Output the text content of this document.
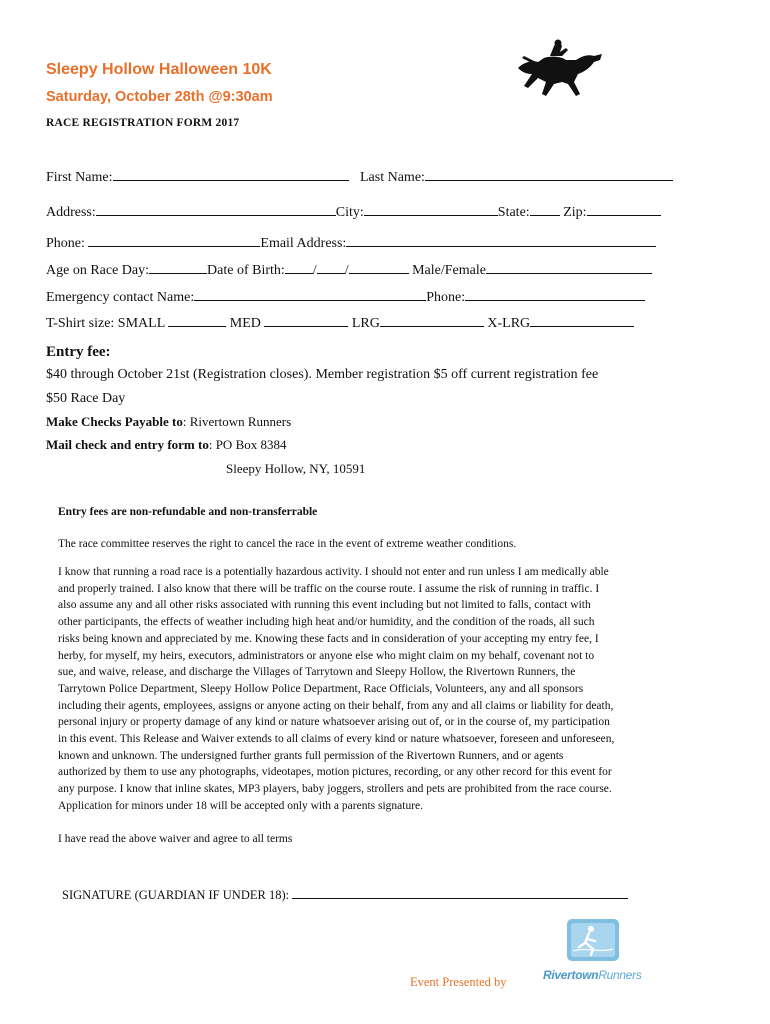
Sleepy Hollow Halloween 10K
Saturday, October 28th @9:30am
RACE REGISTRATION FORM 2017
First Name:	Last Name:
Address:	City:	State: Zip:
Phone:	Email Address:
Age on Race Day:	Date of Birth: / /	Male/Female
Emergency contact Name:	Phone:
T-Shirt size: SMALL	MED	LRG	X-LRG
Entry fee:
$40 through October 21st (Registration closes). Member registration $5 off current registration fee
$50 Race Day
Make Checks Payable to: Rivertown Runners
Mail check and entry form to: PO Box 8384
Sleepy Hollow, NY, 10591
Entry fees are non-refundable and non-transferrable
The race committee reserves the right to cancel the race in the event of extreme weather conditions.
I know that running a road race is a potentially hazardous activity. I should not enter and run unless I am medically able
and properly trained. I also know that there will be traffic on the course route. I assume the risk of running in traffic. I
also assume any and all other risks associated with running this event including but not limited to falls, contact with
other participants, the effects of weather including high heat and/or humidity, and the condition of the roads, all such
risks being known and appreciated by me. Knowing these facts and in consideration of your accepting my entry fee, I
herby, for myself, my heirs, executors, administrators or anyone else who might claim on my behalf, covenant not to
sue, and waive, release, and discharge the Villages of Tarrytown and Sleepy Hollow, the Rivertown Runners, the
Tarrytown Police Department, Sleepy Hollow Police Department, Race Officials, Volunteers, any and all sponsors
including their agents, employees, assigns or anyone acting on their behalf, from any and all claims or liability for death,
personal injury or property damage of any kind or nature whatsoever arising out of, or in the course of, my participation
in this event. This Release and Waiver extends to all claims of every kind or nature whatsoever, foreseen and unforeseen,
known and unknown. The undersigned further grants full permission of the Rivertown Runners, and or agents
authorized by them to use any photographs, videotapes, motion pictures, recording, or any other record for this event for
any purpose. I know that inline skates, MP3 players, baby joggers, strollers and pets are prohibited from the race course.
Application for minors under 18 will be accepted only with a parents signature.
I have read the above waiver and agree to all terms
SIGNATURE (GUARDIAN IF UNDER 18):
Event Presented by	RivertownRunners
